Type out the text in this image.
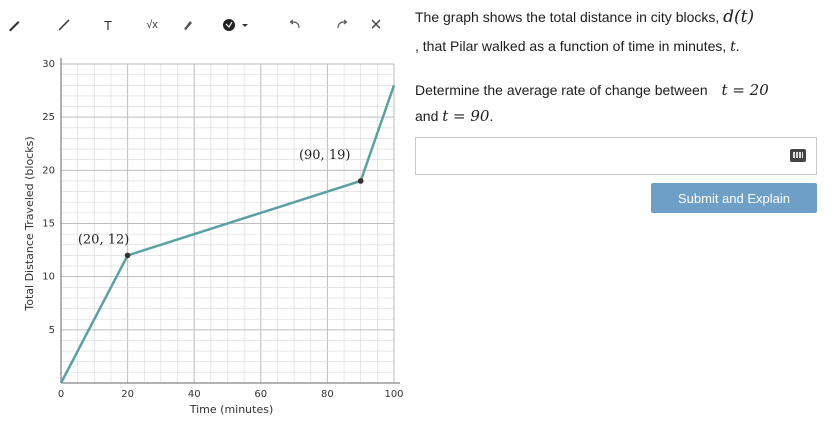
T	√x	×
0	20	40	60	80	100
5
10
15
20
25
30
Time (minutes)
Total Distance Traveled (blocks)	(20, 12)
(90, 19)
The graph shows the total distance in city blocks, d(t)
, that Pilar walked as a function of time in minutes, t.
Determine the average rate of change between t = 20
and t = 90.
Submit and Explain
